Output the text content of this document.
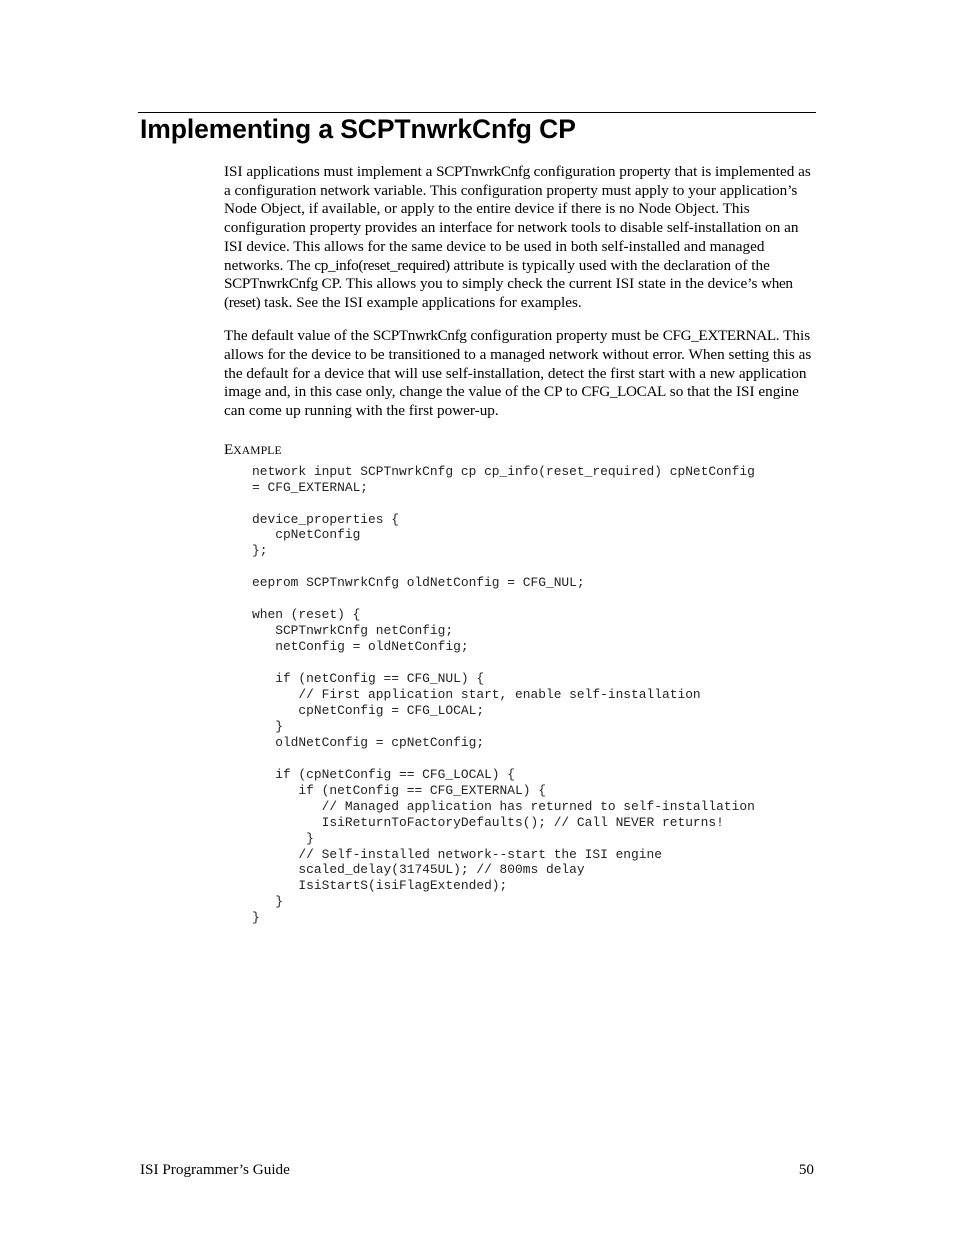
Implementing a SCPTnwrkCnfg CP

ISI applications must implement a SCPTnwrkCnfg configuration property that is implemented as a configuration network variable. This configuration property must apply to your application’s Node Object, if available, or apply to the entire device if there is no Node Object. This configuration property provides an interface for network tools to disable self-installation on an ISI device. This allows for the same device to be used in both self-installed and managed networks. The cp_info(reset_required) attribute is typically used with the declaration of the SCPTnwrkCnfg CP. This allows you to simply check the current ISI state in the device’s when (reset) task. See the ISI example applications for examples.

The default value of the SCPTnwrkCnfg configuration property must be CFG_EXTERNAL. This allows for the device to be transitioned to a managed network without error. When setting this as the default for a device that will use self-installation, detect the first start with a new application image and, in this case only, change the value of the CP to CFG_LOCAL so that the ISI engine can come up running with the first power-up.

EXAMPLE
network input SCPTnwrkCnfg cp cp_info(reset_required) cpNetConfig
= CFG_EXTERNAL;

device_properties {
cpNetConfig
};

eeprom SCPTnwrkCnfg oldNetConfig = CFG_NUL;

when (reset) {
SCPTnwrkCnfg netConfig;
netConfig = oldNetConfig;

if (netConfig == CFG_NUL) {
// First application start, enable self-installation
cpNetConfig = CFG_LOCAL;
}
oldNetConfig = cpNetConfig;

if (cpNetConfig == CFG_LOCAL) {
if (netConfig == CFG_EXTERNAL) {
// Managed application has returned to self-installation
IsiReturnToFactoryDefaults(); // Call NEVER returns!
}
// Self-installed network--start the ISI engine
scaled_delay(31745UL); // 800ms delay
IsiStartS(isiFlagExtended);
}
}
ISI Programmer’s Guide	50
